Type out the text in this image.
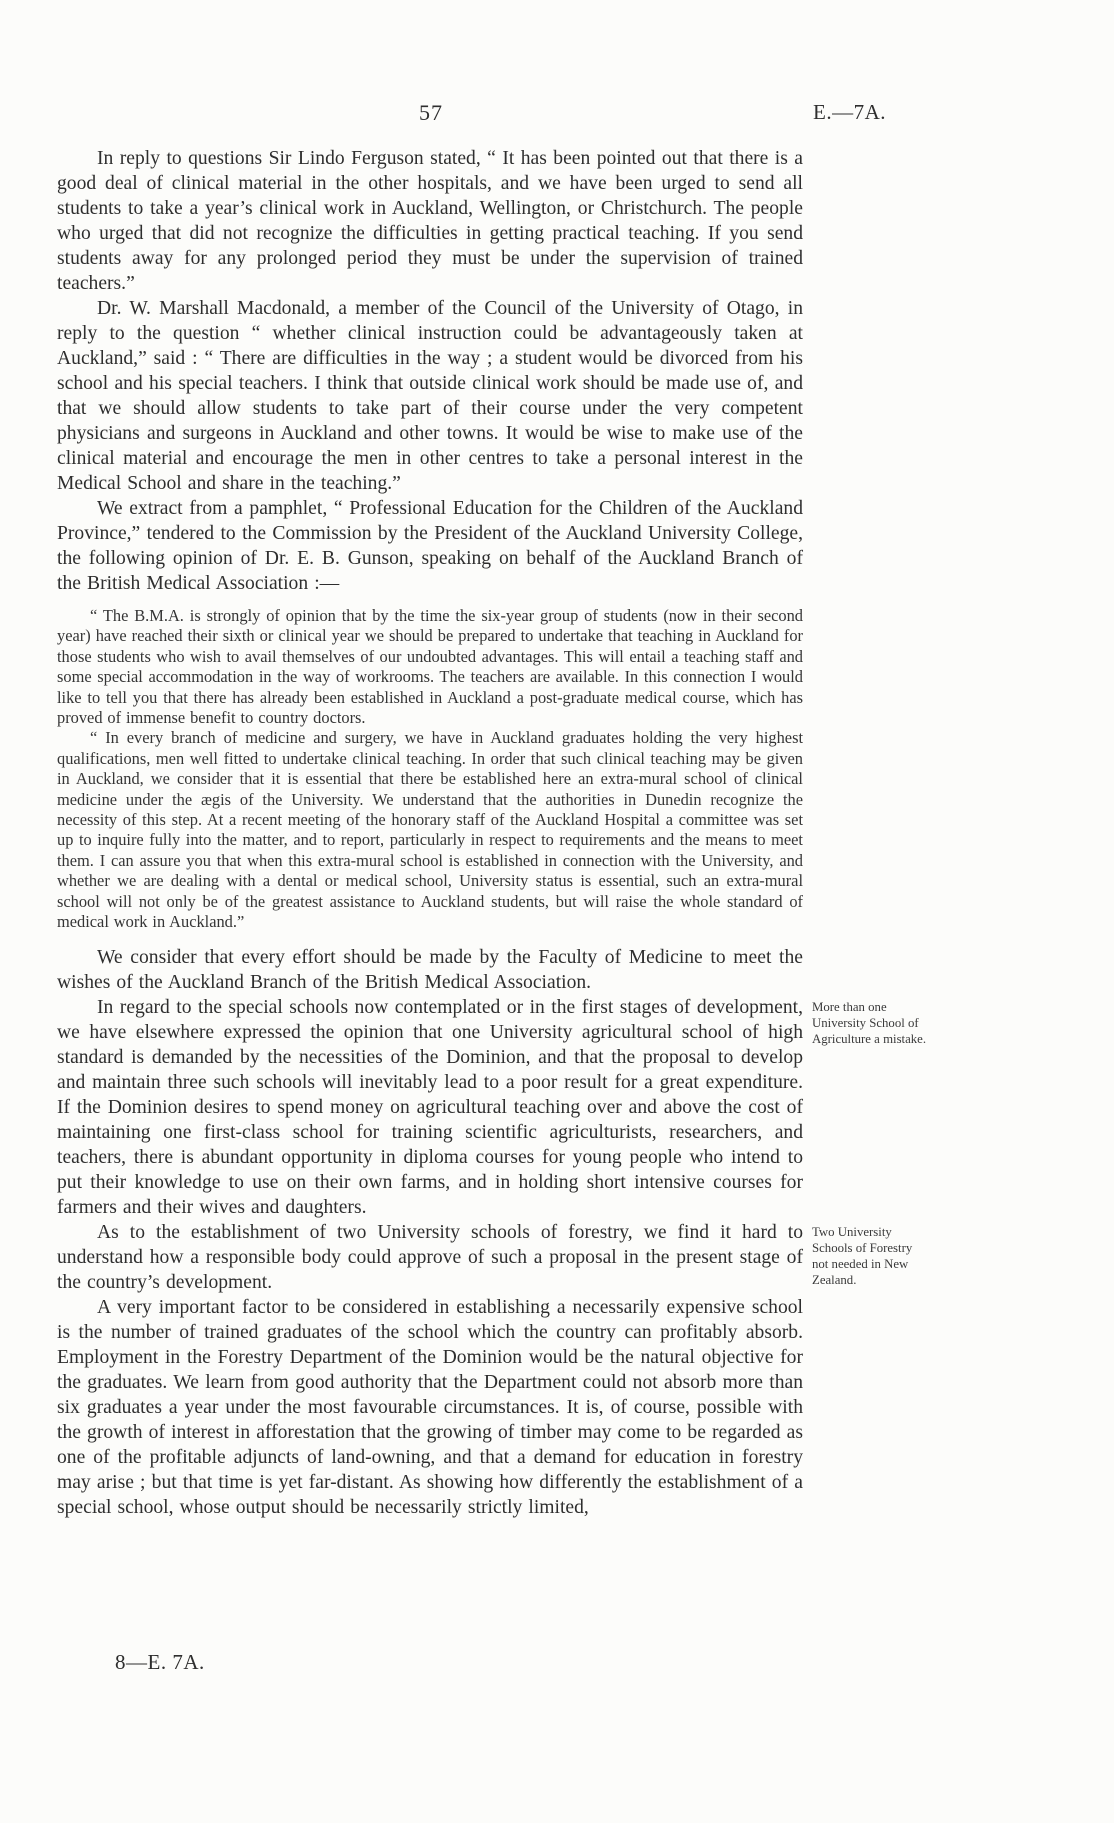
57	E.—7A.

In reply to questions Sir Lindo Ferguson stated, “ It has been pointed out that there is a good deal of clinical material in the other hospitals, and we have been urged to send all students to take a year’s clinical work in Auckland, Wellington, or Christchurch. The people who urged that did not recognize the difficulties in getting practical teaching. If you send students away for any prolonged period they must be under the supervision of trained teachers.”

Dr. W. Marshall Macdonald, a member of the Council of the University of Otago, in reply to the question “ whether clinical instruction could be advantageously taken at Auckland,” said : “ There are difficulties in the way ; a student would be divorced from his school and his special teachers. I think that outside clinical work should be made use of, and that we should allow students to take part of their course under the very competent physicians and surgeons in Auckland and other towns. It would be wise to make use of the clinical material and encourage the men in other centres to take a personal interest in the Medical School and share in the teaching.”

We extract from a pamphlet, “ Professional Education for the Children of the Auckland Province,” tendered to the Commission by the President of the Auckland University College, the following opinion of Dr. E. B. Gunson, speaking on behalf of the Auckland Branch of the British Medical Association :—

“ The B.M.A. is strongly of opinion that by the time the six-year group of students (now in their second year) have reached their sixth or clinical year we should be prepared to undertake that teaching in Auckland for those students who wish to avail themselves of our undoubted advantages. This will entail a teaching staff and some special accommodation in the way of workrooms. The teachers are available. In this connection I would like to tell you that there has already been established in Auckland a post-graduate medical course, which has proved of immense benefit to country doctors.

“ In every branch of medicine and surgery, we have in Auckland graduates holding the very highest qualifications, men well fitted to undertake clinical teaching. In order that such clinical teaching may be given in Auckland, we consider that it is essential that there be established here an extra-mural school of clinical medicine under the ægis of the University. We understand that the authorities in Dunedin recognize the necessity of this step. At a recent meeting of the honorary staff of the Auckland Hospital a committee was set up to inquire fully into the matter, and to report, particularly in respect to requirements and the means to meet them. I can assure you that when this extra-mural school is established in connection with the University, and whether we are dealing with a dental or medical school, University status is essential, such an extra-mural school will not only be of the greatest assistance to Auckland students, but will raise the whole standard of medical work in Auckland.”

We consider that every effort should be made by the Faculty of Medicine to meet the wishes of the Auckland Branch of the British Medical Association.

In regard to the special schools now contemplated or in the first stages of development, we have elsewhere expressed the opinion that one University agricultural school of high standard is demanded by the necessities of the Dominion, and that the proposal to develop and maintain three such schools will inevitably lead to a poor result for a great expenditure. If the Dominion desires to spend money on agricultural teaching over and above the cost of maintaining one first-class school for training scientific agriculturists, researchers, and teachers, there is abundant opportunity in diploma courses for young people who intend to put their knowledge to use on their own farms, and in holding short intensive courses for farmers and their wives and daughters.

More than one University School of Agriculture a mistake.

As to the establishment of two University schools of forestry, we find it hard to understand how a responsible body could approve of such a proposal in the present stage of the country’s development.

Two University Schools of Forestry not needed in New Zealand.

A very important factor to be considered in establishing a necessarily expensive school is the number of trained graduates of the school which the country can profitably absorb. Employment in the Forestry Department of the Dominion would be the natural objective for the graduates. We learn from good authority that the Department could not absorb more than six graduates a year under the most favourable circumstances. It is, of course, possible with the growth of interest in afforestation that the growing of timber may come to be regarded as one of the profitable adjuncts of land-owning, and that a demand for education in forestry may arise ; but that time is yet far-distant. As showing how differently the establishment of a special school, whose output should be necessarily strictly limited,

8—E. 7A.
